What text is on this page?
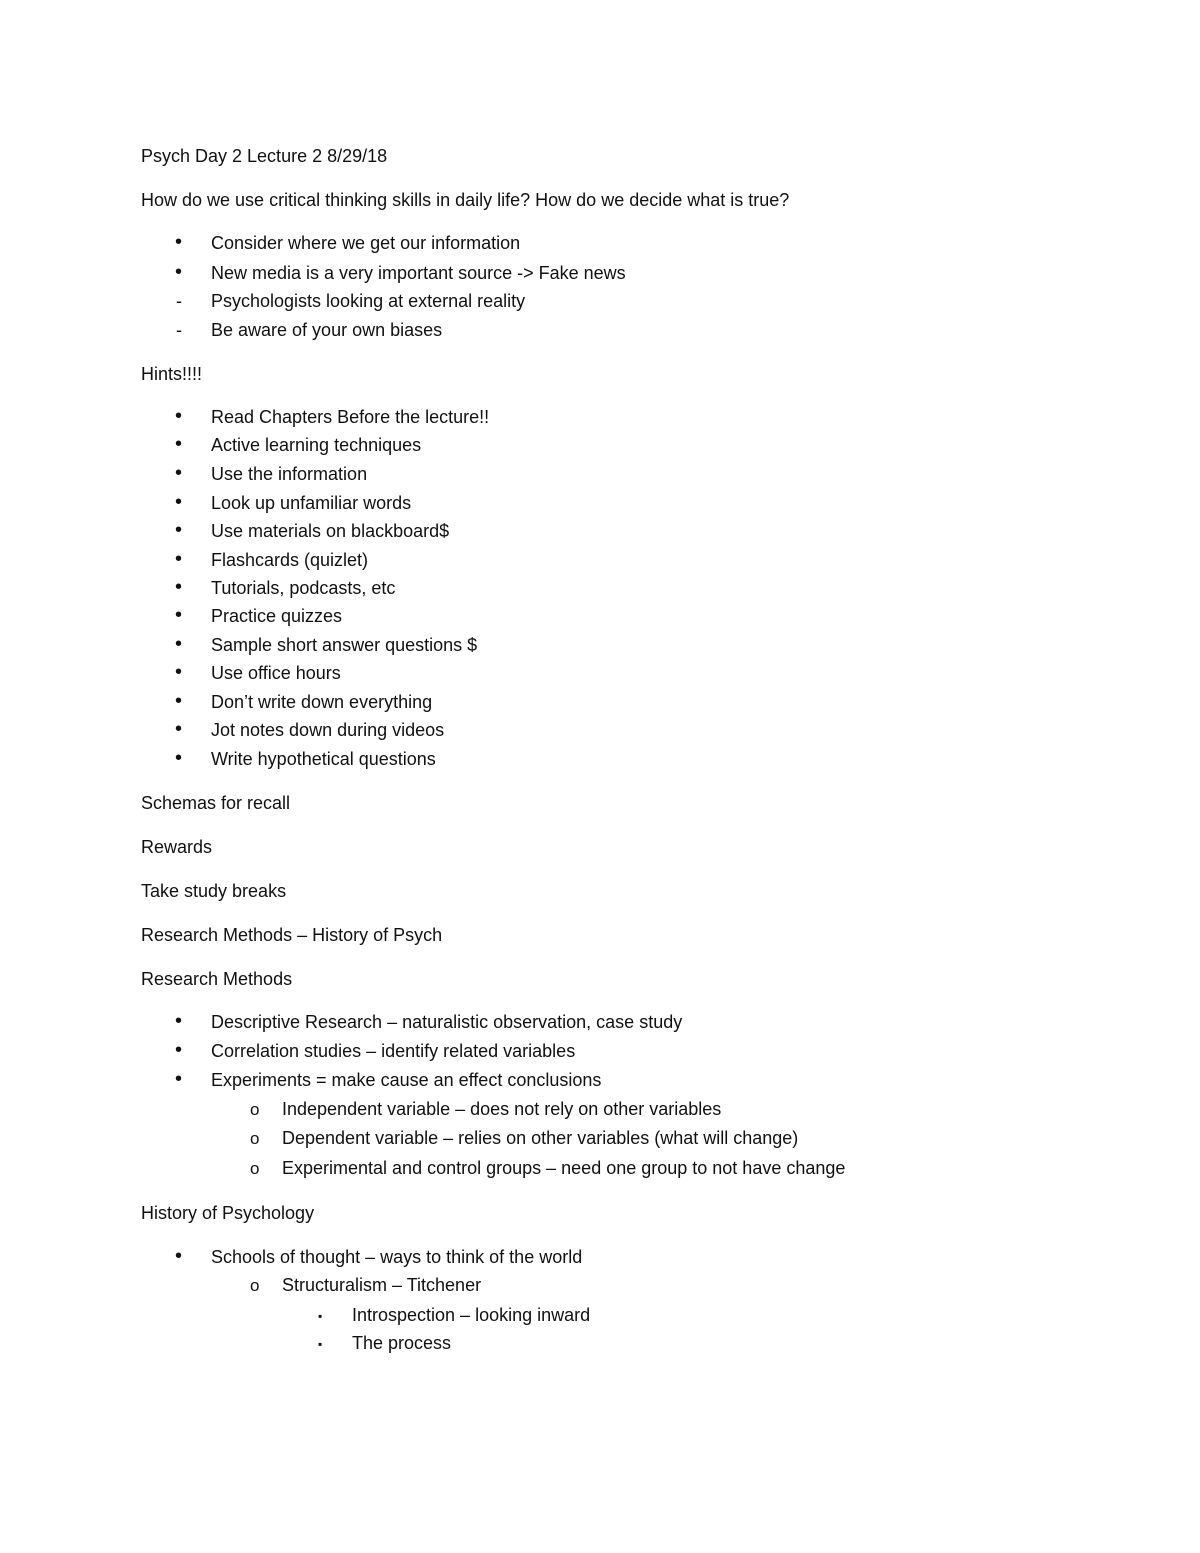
Psych Day 2 Lecture 2 8/29/18
How do we use critical thinking skills in daily life? How do we decide what is true?
• Consider where we get our information
• New media is a very important source -> Fake news
- Psychologists looking at external reality
- Be aware of your own biases
Hints!!!!
• Read Chapters Before the lecture!!
• Active learning techniques
• Use the information
• Look up unfamiliar words
• Use materials on blackboard$
• Flashcards (quizlet)
• Tutorials, podcasts, etc
• Practice quizzes
• Sample short answer questions $
• Use office hours
• Don’t write down everything
• Jot notes down during videos
• Write hypothetical questions
Schemas for recall
Rewards
Take study breaks
Research Methods – History of Psych
Research Methods
• Descriptive Research – naturalistic observation, case study
• Correlation studies – identify related variables
• Experiments = make cause an effect conclusions
o Independent variable – does not rely on other variables
o Dependent variable – relies on other variables (what will change)
o Experimental and control groups – need one group to not have change
History of Psychology
• Schools of thought – ways to think of the world
o Structuralism – Titchener
▪ Introspection – looking inward
▪ The process
